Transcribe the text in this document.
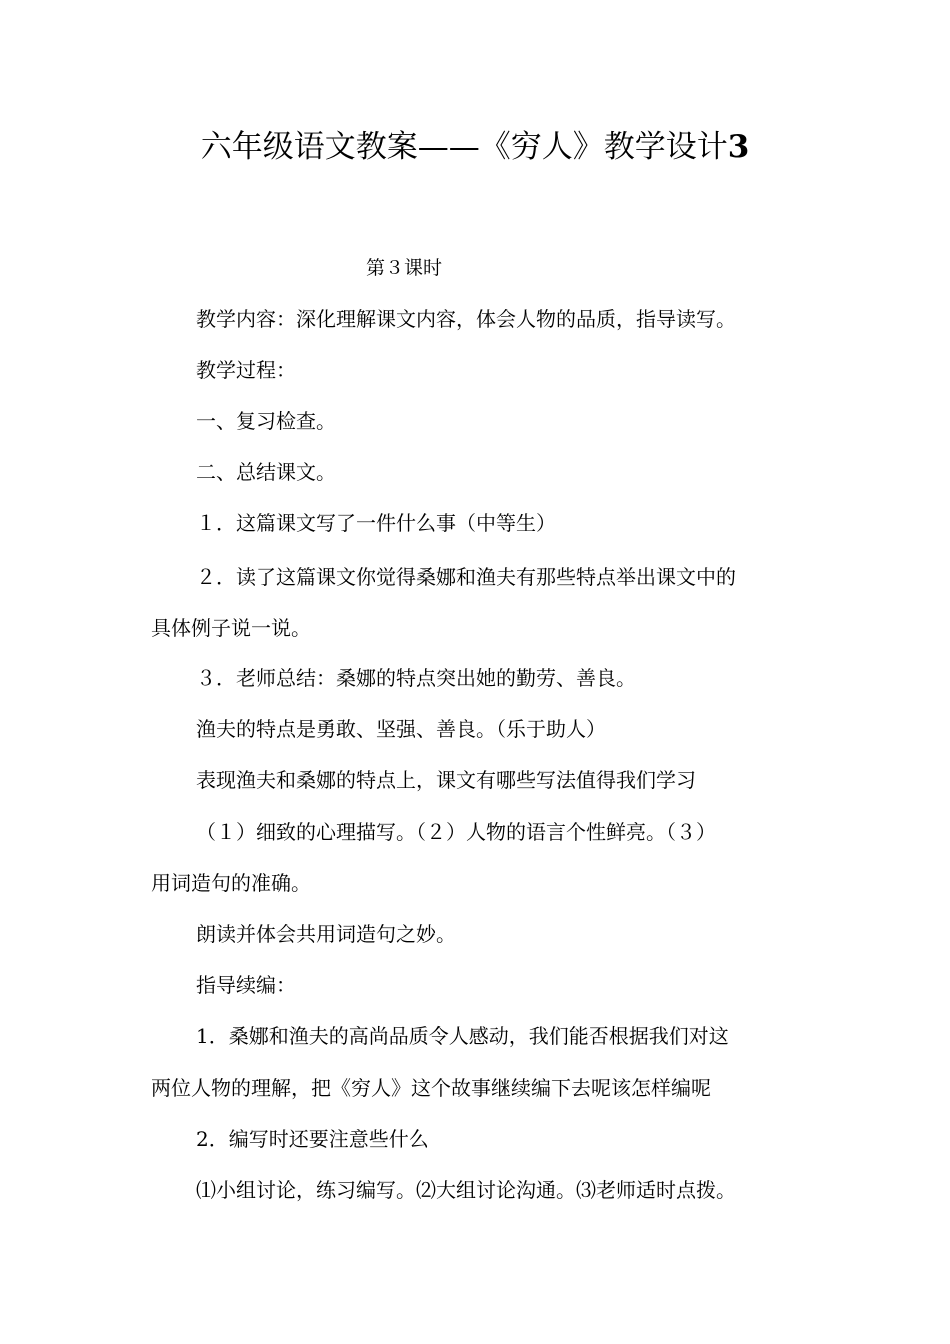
六年级语文教案——《穷人》教学设计3
第３课时
教学内容：深化理解课文内容，体会人物的品质，指导读写。
教学过程：
一、复习检查。
二、总结课文。
１．这篇课文写了一件什么事（中等生）
２．读了这篇课文你觉得桑娜和渔夫有那些特点举出课文中的
具体例子说一说。
３．老师总结：桑娜的特点突出她的勤劳、善良。
渔夫的特点是勇敢、坚强、善良。（乐于助人）
表现渔夫和桑娜的特点上，课文有哪些写法值得我们学习
（１）细致的心理描写。（２）人物的语言个性鲜亮。（３）
用词造句的准确。
朗读并体会共用词造句之妙。
指导续编：
1．桑娜和渔夫的高尚品质令人感动，我们能否根据我们对这
两位人物的理解，把《穷人》这个故事继续编下去呢该怎样编呢
2．编写时还要注意些什么
⑴小组讨论，练习编写。⑵大组讨论沟通。⑶老师适时点拨。
